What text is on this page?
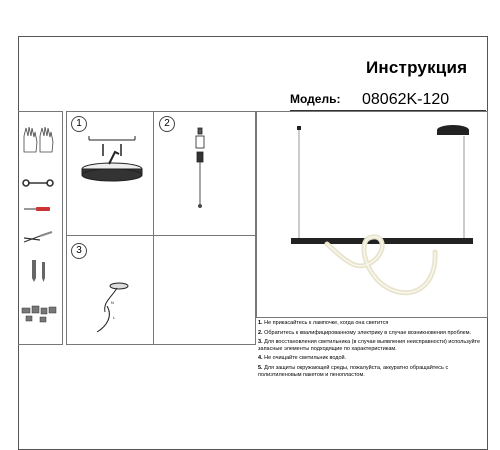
Инструкция
Модель: 08062K-120
1	2
3
N
L
1. Не прикасайтесь к лампочке, когда она светится
2. Обратитесь к квалифицированному электрику в случае возникновения проблем.
3. Для восстановления светильника (в случае выявления неисправности) используйте запасные элементы подходящие по характеристикам.
4. Не очищайте светильник водой.
5. Для защиты окружающей среды, пожалуйста, аккуратно обращайтесь с полиэтиленовым пакетом и пенопластом.
